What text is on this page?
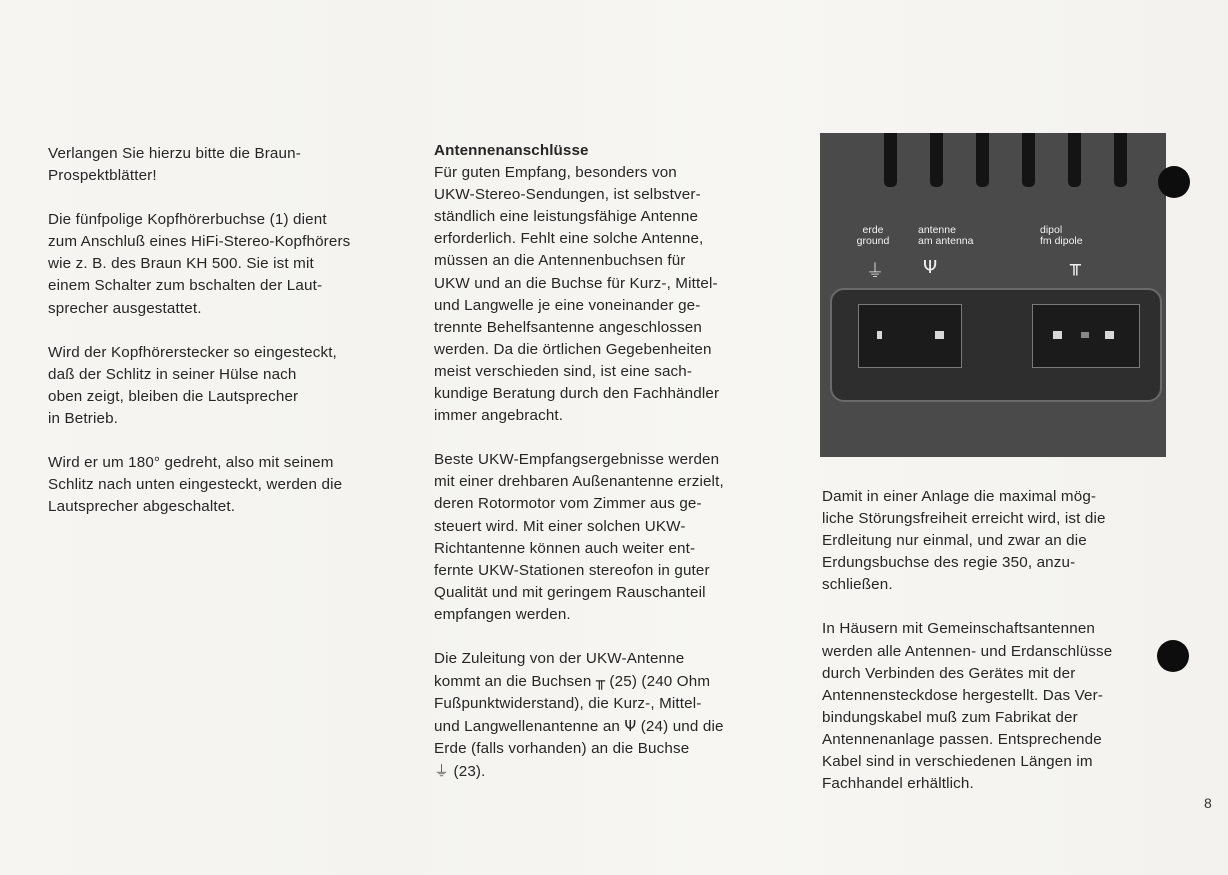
Verlangen Sie hierzu bitte die Braun-
Prospektblätter!

Die fünfpolige Kopfhörerbuchse (1) dient
zum Anschluß eines HiFi-Stereo-Kopfhörers
wie z. B. des Braun KH 500. Sie ist mit
einem Schalter zum bschalten der Laut-
sprecher ausgestattet.

Wird der Kopfhörerstecker so eingesteckt,
daß der Schlitz in seiner Hülse nach
oben zeigt, bleiben die Lautsprecher
in Betrieb.

Wird er um 180° gedreht, also mit seinem
Schlitz nach unten eingesteckt, werden die
Lautsprecher abgeschaltet.

Antennenanschlüsse
Für guten Empfang, besonders von
UKW-Stereo-Sendungen, ist selbstver-
ständlich eine leistungsfähige Antenne
erforderlich. Fehlt eine solche Antenne,
müssen an die Antennenbuchsen für
UKW und an die Buchse für Kurz-, Mittel-
und Langwelle je eine voneinander ge-
trennte Behelfsantenne angeschlossen
werden. Da die örtlichen Gegebenheiten
meist verschieden sind, ist eine sach-
kundige Beratung durch den Fachhändler
immer angebracht.

Beste UKW-Empfangsergebnisse werden
mit einer drehbaren Außenantenne erzielt,
deren Rotormotor vom Zimmer aus ge-
steuert wird. Mit einer solchen UKW-
Richtantenne können auch weiter ent-
fernte UKW-Stationen stereofon in guter
Qualität und mit geringem Rauschanteil
empfangen werden.

Die Zuleitung von der UKW-Antenne
kommt an die Buchsen ╥ (25) (240 Ohm
Fußpunktwiderstand), die Kurz-, Mittel-
und Langwellenantenne an Ψ (24) und die
Erde (falls vorhanden) an die Buchse
⏚ (23).

erde
ground
antenne
am antenna
dipol
fm dipole
⏚ Ψ	╥

Damit in einer Anlage die maximal mög-
liche Störungsfreiheit erreicht wird, ist die
Erdleitung nur einmal, und zwar an die
Erdungsbuchse des regie 350, anzu-
schließen.

In Häusern mit Gemeinschaftsantennen
werden alle Antennen- und Erdanschlüsse
durch Verbinden des Gerätes mit der
Antennensteckdose hergestellt. Das Ver-
bindungskabel muß zum Fabrikat der
Antennenanlage passen. Entsprechende
Kabel sind in verschiedenen Längen im
Fachhandel erhältlich.

8
